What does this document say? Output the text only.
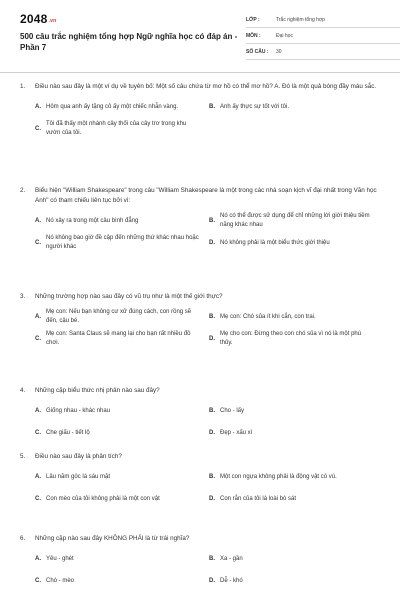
2048.vn
500 câu trắc nghiệm tổng hợp Ngữ nghĩa học có đáp án - Phần 7
LỚP :	Trắc nghiệm tổng hợp
MÔN :	Đại học
SỐ CÂU :	30
1.	Điều nào sau đây là một ví dụ về tuyên bố: Một số câu chứa từ mơ hồ có thể mơ hồ? A. Đó là một quả bóng đầy màu sắc.
A. Hôm qua anh ấy tặng cô ấy một chiếc nhẫn vàng.	B. Anh ấy thực sự tốt với tôi.
C.
Tôi đã thấy một nhánh cây thối của cây trơ trong khu vườn của tôi.
2.	Biểu hiện "William Shakespeare" trong câu "William Shakespeare là một trong các nhà soạn kịch vĩ đại nhất trong Văn học Anh" có tham chiếu liên tục bởi vì:
A. Nó xảy ra trong một câu bình đẳng	B.
Nó có thể được sử dụng để chỉ những lời giới thiệu tiềm năng khác nhau
C.
Nó không bao giờ đề cập đến những thứ khác nhau hoặc người khác
D. Nó không phải là một biểu thức giới thiệu
3.	Những trường hợp nào sau đây có vũ trụ như là một thế giới thực?
A.
Mẹ con: Nếu bạn không cư xử đúng cách, con rồng sẽ đến, cậu bé.
B. Mẹ con: Chó sủa ít khi cắn, con trai.
C.
Mẹ con: Santa Claus sẽ mang lại cho bạn rất nhiều đồ chơi.
D.
Mẹ cho con: Đừng theo con chó sủa vì nó là một phù thủy.
4.	Những cặp biểu thức nhị phân nào sau đây?
A. Giống nhau - khác nhau	B. Cho - lấy
C. Che giấu - tiết lộ	D. Đẹp - xấu xí
5.	Điều nào sau đây là phân tích?
A. Lâu năm góc là sáu mặt	B. Một con ngựa không phải là động vật có vú.
C. Con mèo của tôi không phải là một con vật	D. Con rắn của tôi là loài bò sát
6.	Những cặp nào sau đây KHÔNG PHẢI là từ trái nghĩa?
A. Yêu - ghét	B. Xa - gần
C. Chó - mèo	D. Dễ - khó
